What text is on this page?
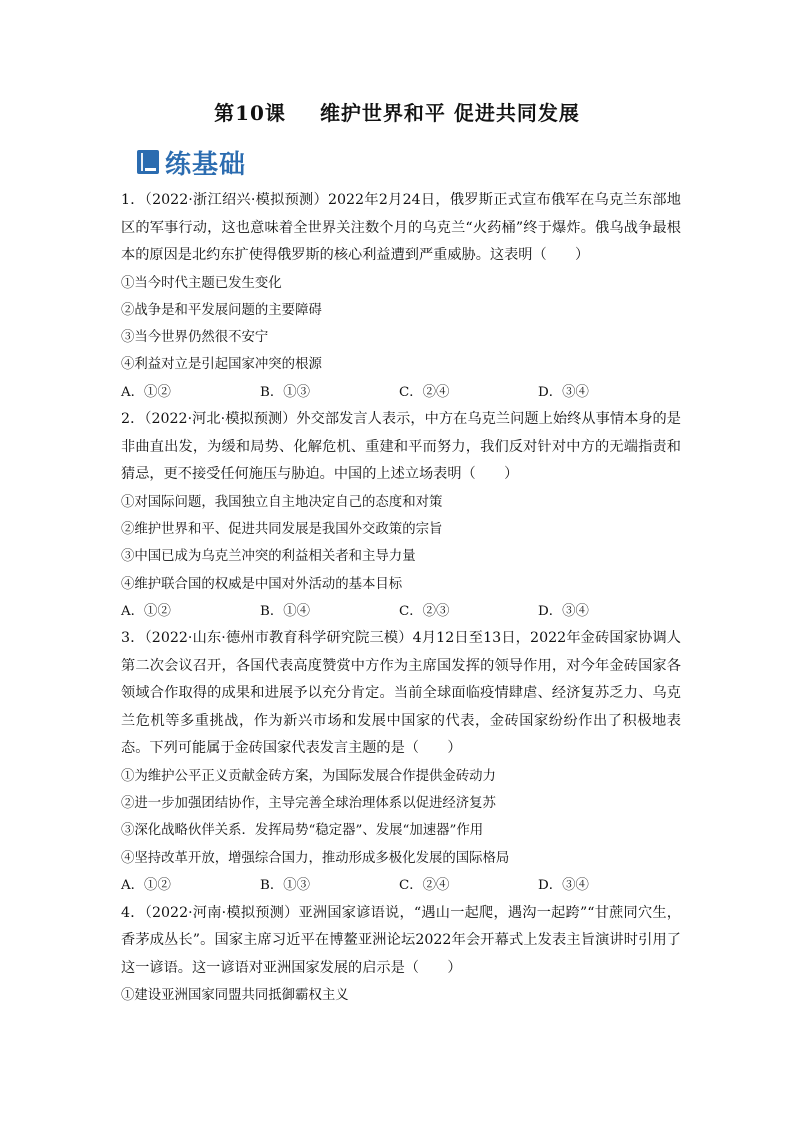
第10课 维护世界和平 促进共同发展
练基础

1．（2022·浙江绍兴·模拟预测）2022年2月24日，俄罗斯正式宣布俄军在乌克兰东部地区的军事行动，这也意味着全世界关注数个月的乌克兰“火药桶”终于爆炸。俄乌战争最根本的原因是北约东扩使得俄罗斯的核心利益遭到严重威胁。这表明（　　）

①当今时代主题已发生变化

②战争是和平发展问题的主要障碍

③当今世界仍然很不安宁

④利益对立是引起国家冲突的根源

A．①②	B．①③	C．②④	D．③④

2．（2022·河北·模拟预测）外交部发言人表示，中方在乌克兰问题上始终从事情本身的是非曲直出发，为缓和局势、化解危机、重建和平而努力，我们反对针对中方的无端指责和猜忌，更不接受任何施压与胁迫。中国的上述立场表明（　　）

①对国际问题，我国独立自主地决定自己的态度和对策

②维护世界和平、促进共同发展是我国外交政策的宗旨

③中国已成为乌克兰冲突的利益相关者和主导力量

④维护联合国的权威是中国对外活动的基本目标

A．①②	B．①④	C．②③	D．③④

3．（2022·山东·德州市教育科学研究院三模）4月12日至13日，2022年金砖国家协调人第二次会议召开，各国代表高度赞赏中方作为主席国发挥的领导作用，对今年金砖国家各领域合作取得的成果和进展予以充分肯定。当前全球面临疫情肆虐、经济复苏乏力、乌克兰危机等多重挑战，作为新兴市场和发展中国家的代表，金砖国家纷纷作出了积极地表态。下列可能属于金砖国家代表发言主题的是（　　）

①为维护公平正义贡献金砖方案，为国际发展合作提供金砖动力

②进一步加强团结协作，主导完善全球治理体系以促进经济复苏

③深化战略伙伴关系．发挥局势“稳定器”、发展“加速器”作用

④坚持改革开放，增强综合国力，推动形成多极化发展的国际格局

A．①②	B．①③	C．②④	D．③④

4．（2022·河南·模拟预测）亚洲国家谚语说，“遇山一起爬，遇沟一起跨”“甘蔗同穴生，香茅成丛长”。国家主席习近平在博鳌亚洲论坛2022年会开幕式上发表主旨演讲时引用了这一谚语。这一谚语对亚洲国家发展的启示是（　　）

①建设亚洲国家同盟共同抵御霸权主义
